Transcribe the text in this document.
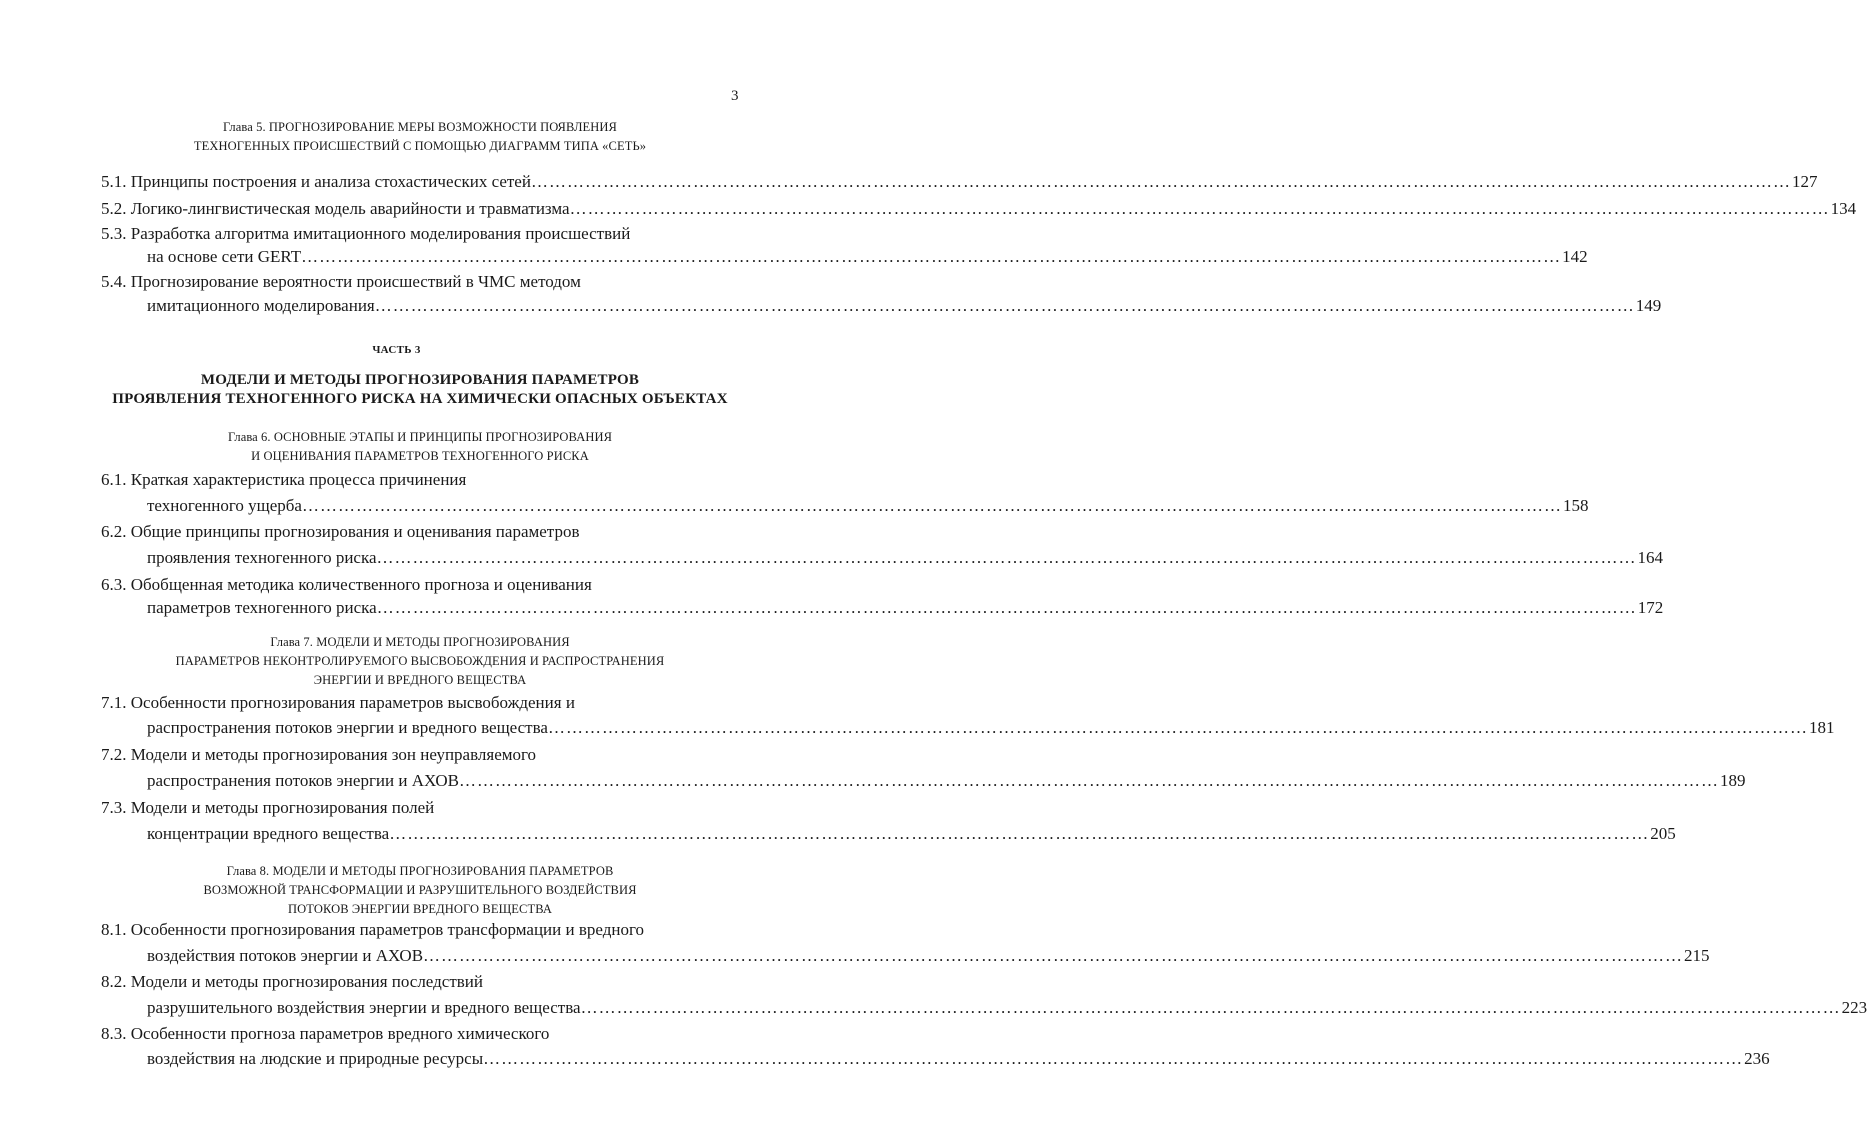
3
Глава 5. ПРОГНОЗИРОВАНИЕ МЕРЫ ВОЗМОЖНОСТИ ПОЯВЛЕНИЯ
ТЕХНОГЕННЫХ ПРОИСШЕСТВИЙ С ПОМОЩЬЮ ДИАГРАММ ТИПА «СЕТЬ»
5.1. Принципы построения и анализа стохастических сетей ………………………………………………………………………………………………………………………………………………………………………………………… 127
5.2. Логико-лингвистическая модель аварийности и травматизма ………………………………………………………………………………………………………………………………………………………………………………………… 134
5.3. Разработка алгоритма имитационного моделирования происшествий
на основе сети GERT ………………………………………………………………………………………………………………………………………………………………………………………… 142
5.4. Прогнозирование вероятности происшествий в ЧМС методом
имитационного моделирования ………………………………………………………………………………………………………………………………………………………………………………………… 149
ЧАСТЬ 3
МОДЕЛИ И МЕТОДЫ ПРОГНОЗИРОВАНИЯ ПАРАМЕТРОВ
ПРОЯВЛЕНИЯ ТЕХНОГЕННОГО РИСКА НА ХИМИЧЕСКИ ОПАСНЫХ ОБЪЕКТАХ
Глава 6. ОСНОВНЫЕ ЭТАПЫ И ПРИНЦИПЫ ПРОГНОЗИРОВАНИЯ
И ОЦЕНИВАНИЯ ПАРАМЕТРОВ ТЕХНОГЕННОГО РИСКА
6.1. Краткая характеристика процесса причинения
техногенного ущерба ………………………………………………………………………………………………………………………………………………………………………………………… 158
6.2. Общие принципы прогнозирования и оценивания параметров
проявления техногенного риска ………………………………………………………………………………………………………………………………………………………………………………………… 164
6.3. Обобщенная методика количественного прогноза и оценивания
параметров техногенного риска ………………………………………………………………………………………………………………………………………………………………………………………… 172
Глава 7. МОДЕЛИ И МЕТОДЫ ПРОГНОЗИРОВАНИЯ
ПАРАМЕТРОВ НЕКОНТРОЛИРУЕМОГО ВЫСВОБОЖДЕНИЯ И РАСПРОСТРАНЕНИЯ
ЭНЕРГИИ И ВРЕДНОГО ВЕЩЕСТВА
7.1. Особенности прогнозирования параметров высвобождения и
распространения потоков энергии и вредного вещества ………………………………………………………………………………………………………………………………………………………………………………………… 181
7.2. Модели и методы прогнозирования зон неуправляемого
распространения потоков энергии и АХОВ ………………………………………………………………………………………………………………………………………………………………………………………… 189
7.3. Модели и методы прогнозирования полей
концентрации вредного вещества ………………………………………………………………………………………………………………………………………………………………………………………… 205
Глава 8. МОДЕЛИ И МЕТОДЫ ПРОГНОЗИРОВАНИЯ ПАРАМЕТРОВ
ВОЗМОЖНОЙ ТРАНСФОРМАЦИИ И РАЗРУШИТЕЛЬНОГО ВОЗДЕЙСТВИЯ
ПОТОКОВ ЭНЕРГИИ ВРЕДНОГО ВЕЩЕСТВА
8.1. Особенности прогнозирования параметров трансформации и вредного
воздействия потоков энергии и АХОВ ………………………………………………………………………………………………………………………………………………………………………………………… 215
8.2. Модели и методы прогнозирования последствий
разрушительного воздействия энергии и вредного вещества ………………………………………………………………………………………………………………………………………………………………………………………… 223
8.3. Особенности прогноза параметров вредного химического
воздействия на людские и природные ресурсы ………………………………………………………………………………………………………………………………………………………………………………………… 236
